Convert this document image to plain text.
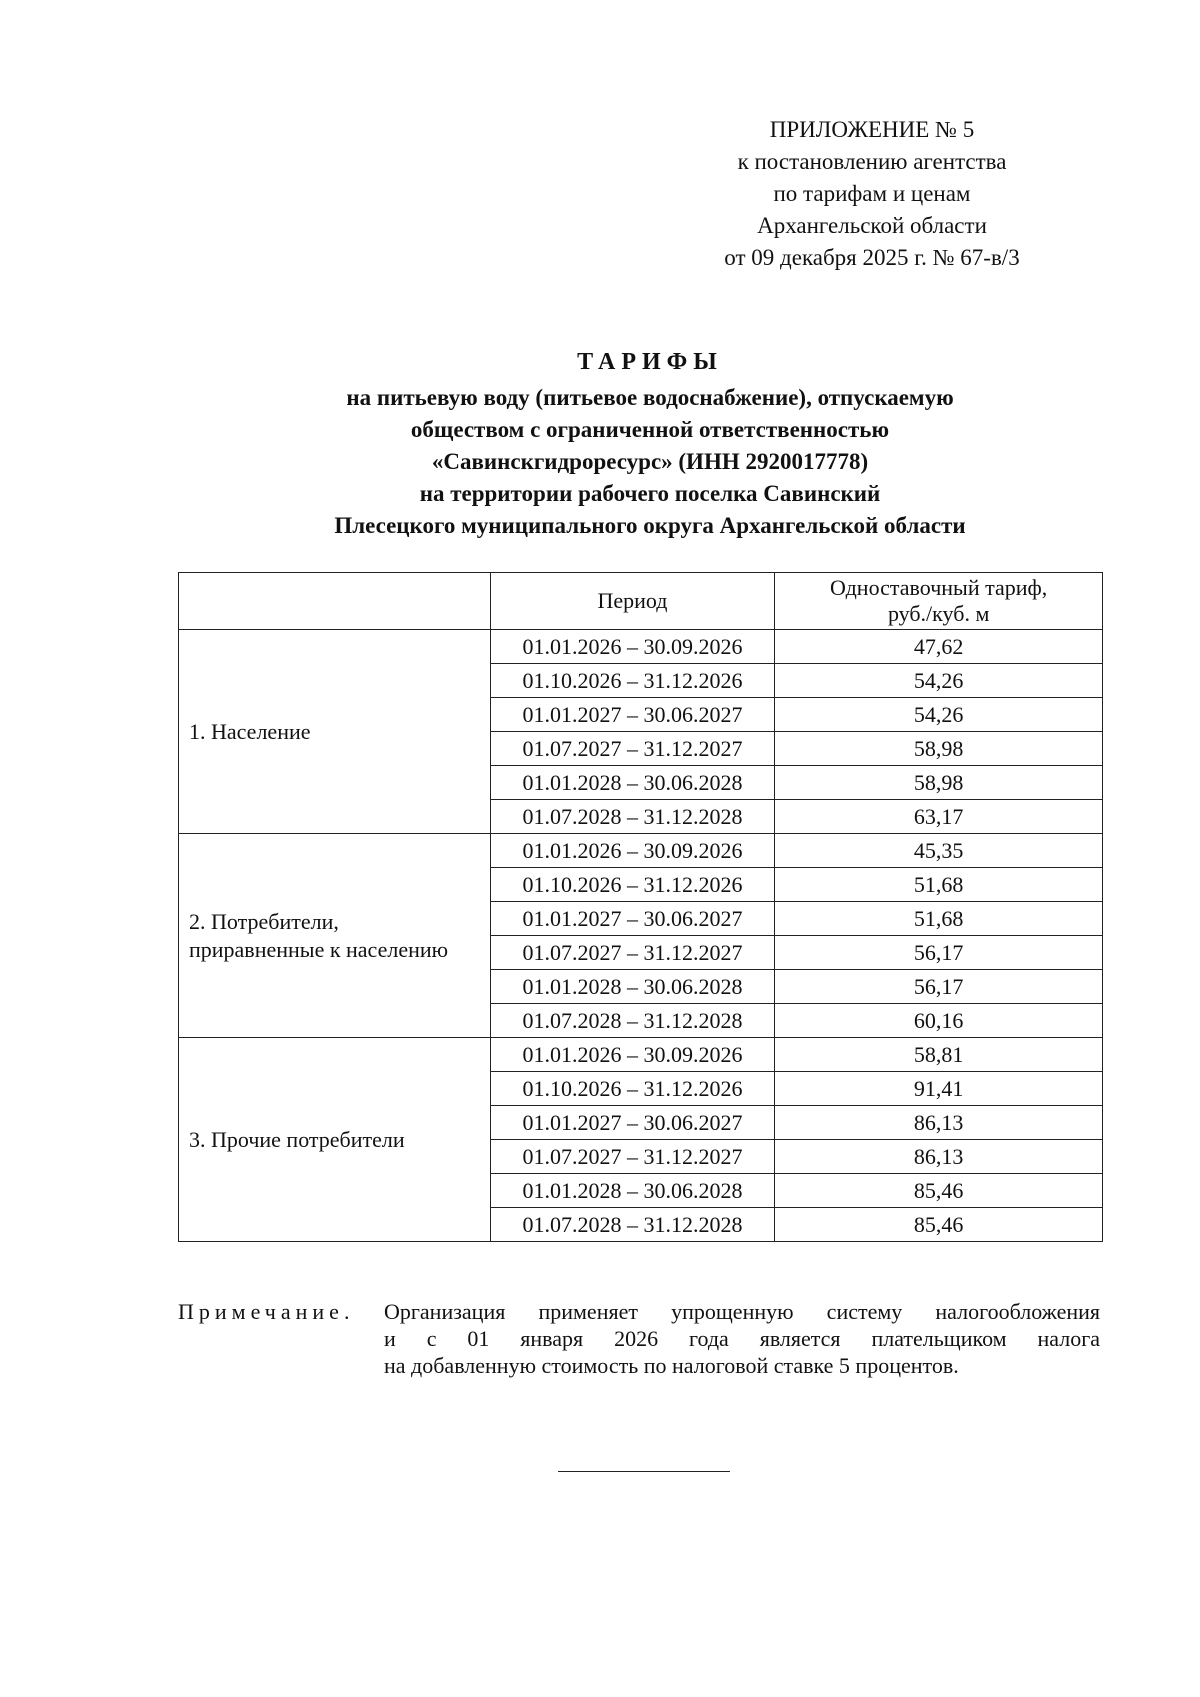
ПРИЛОЖЕНИЕ № 5
к постановлению агентства
по тарифам и ценам
Архангельской области
от 09 декабря 2025 г. № 67-в/3
ТАРИФЫ
на питьевую воду (питьевое водоснабжение), отпускаемую
обществом с ограниченной ответственностью
«Савинскгидроресурс» (ИНН 2920017778)
на территории рабочего поселка Савинский
Плесецкого муниципального округа Архангельской области
	Период	Одноставочный тариф,
руб./куб. м
1. Население	01.01.2026 – 30.09.2026	47,62
	01.10.2026 – 31.12.2026	54,26
	01.01.2027 – 30.06.2027	54,26
	01.07.2027 – 31.12.2027	58,98
	01.01.2028 – 30.06.2028	58,98
	01.07.2028 – 31.12.2028	63,17
2. Потребители,
приравненные к населению	01.01.2026 – 30.09.2026	45,35
	01.10.2026 – 31.12.2026	51,68
	01.01.2027 – 30.06.2027	51,68
	01.07.2027 – 31.12.2027	56,17
	01.01.2028 – 30.06.2028	56,17
	01.07.2028 – 31.12.2028	60,16
3. Прочие потребители	01.01.2026 – 30.09.2026	58,81
	01.10.2026 – 31.12.2026	91,41
	01.01.2027 – 30.06.2027	86,13
	01.07.2027 – 31.12.2027	86,13
	01.01.2028 – 30.06.2028	85,46
	01.07.2028 – 31.12.2028	85,46
Примечание. Организация применяет упрощенную систему налогообложения
и с 01 января 2026 года является плательщиком налога
на добавленную стоимость по налоговой ставке 5 процентов.
